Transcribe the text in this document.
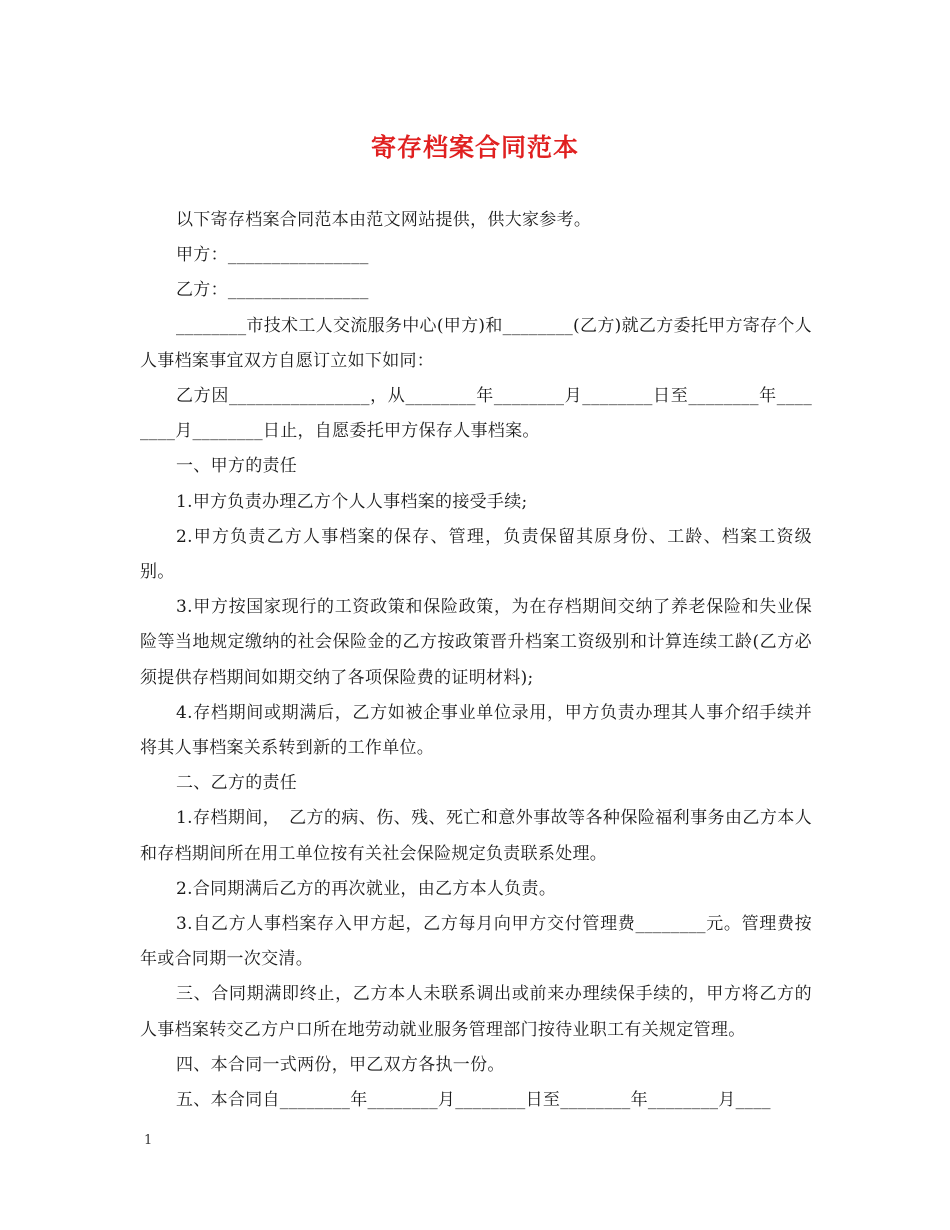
寄存档案合同范本

以下寄存档案合同范本由范文网站提供，供大家参考。

甲方：________________

乙方：________________

________市技术工人交流服务中心(甲方)和________(乙方)就乙方委托甲方寄存个人人事档案事宜双方自愿订立如下如同：

乙方因________________，从________年________月________日至________年________月________日止，自愿委托甲方保存人事档案。

一、甲方的责任

1.甲方负责办理乙方个人人事档案的接受手续;

2.甲方负责乙方人事档案的保存、管理，负责保留其原身份、工龄、档案工资级别。

3.甲方按国家现行的工资政策和保险政策，为在存档期间交纳了养老保险和失业保险等当地规定缴纳的社会保险金的乙方按政策晋升档案工资级别和计算连续工龄(乙方必须提供存档期间如期交纳了各项保险费的证明材料);

4.存档期间或期满后，乙方如被企事业单位录用，甲方负责办理其人事介绍手续并将其人事档案关系转到新的工作单位。

二、乙方的责任

1.存档期间，　乙方的病、伤、残、死亡和意外事故等各种保险福利事务由乙方本人和存档期间所在用工单位按有关社会保险规定负责联系处理。

2.合同期满后乙方的再次就业，由乙方本人负责。

3.自乙方人事档案存入甲方起，乙方每月向甲方交付管理费________元。管理费按年或合同期一次交清。

三、合同期满即终止，乙方本人未联系调出或前来办理续保手续的，甲方将乙方的人事档案转交乙方户口所在地劳动就业服务管理部门按待业职工有关规定管理。

四、本合同一式两份，甲乙双方各执一份。

五、本合同自________年________月________日至________年________月____

1
